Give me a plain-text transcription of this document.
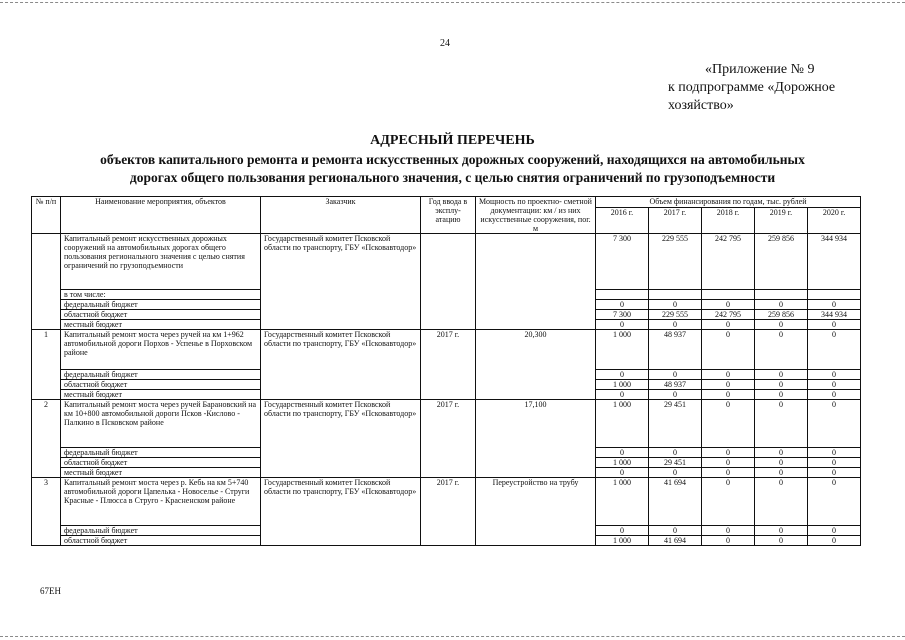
24
«Приложение № 9
к подпрограмме «Дорожное
хозяйство»
АДРЕСНЫЙ ПЕРЕЧЕНЬ
объектов капитального ремонта и ремонта искусственных дорожных сооружений, находящихся на автомобильных
дорогах общего пользования регионального значения, с целью снятия ограничений по грузоподъемности
№ п/п	Наименование мероприятия, объектов	Заказчик	Год ввода в эксплу- атацию	Мощность по проектно- сметной документации: км / из них искусственные сооружения, пог. м	Объем финансирования по годам, тыс. рублей				
					2016 г.	2017 г.	2018 г.	2019 г.	2020 г.
	Капитальный ремонт искусственных дорожных сооружений на автомобильных дорогах общего пользования регионального значения с целью снятия ограничений по грузоподъемности	Государственный комитет Псковской области по транспорту, ГБУ «Псковавтодор»			7 300	229 555	242 795	259 856	344 934
	в том числе:								
	федеральный бюджет				0	0	0	0	0
	областной бюджет				7 300	229 555	242 795	259 856	344 934
	местный бюджет				0	0	0	0	0
1	Капитальный ремонт моста через ручей на км 1+962 автомобильной дороги Порхов - Успенье в Порховском районе	Государственный комитет Псковской области по транспорту, ГБУ «Псковавтодор»	2017 г.	20,300	1 000	48 937	0	0	0
	федеральный бюджет				0	0	0	0	0
	областной бюджет				1 000	48 937	0	0	0
	местный бюджет				0	0	0	0	0
2	Капитальный ремонт моста через ручей Барановский на км 10+800 автомобильной дороги Псков -Кислово - Палкино в Псковском районе	Государственный комитет Псковской области по транспорту, ГБУ «Псковавтодор»	2017 г.	17,100	1 000	29 451	0	0	0
	федеральный бюджет				0	0	0	0	0
	областной бюджет				1 000	29 451	0	0	0
	местный бюджет				0	0	0	0	0
3	Капитальный ремонт моста через р. Кебь на км 5+740 автомобильной дороги Цапелька - Новоселье - Струги Красные - Плюсса в Струго - Красненском районе	Государственный комитет Псковской области по транспорту, ГБУ «Псковавтодор»	2017 г.	Переустройство на трубу	1 000	41 694	0	0	0
	федеральный бюджет				0	0	0	0	0
	областной бюджет				1 000	41 694	0	0	0
67ЕН
